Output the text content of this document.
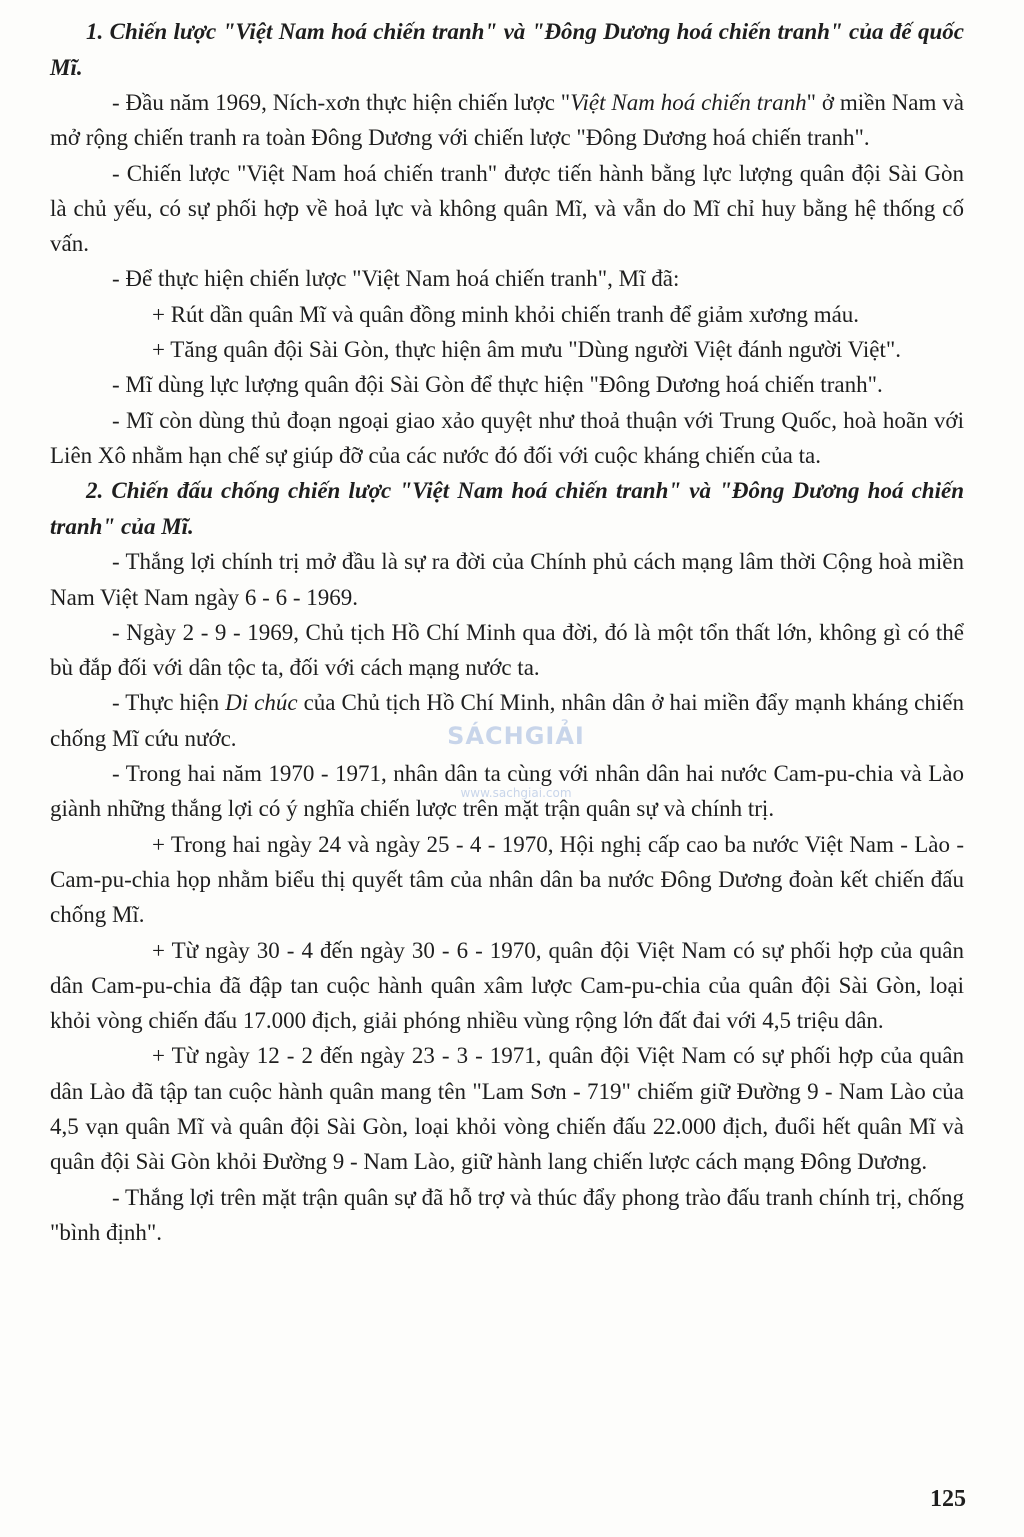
1. Chiến lược "Việt Nam hoá chiến tranh" và "Đông Dương hoá chiến tranh" của đế quốc Mĩ.

- Đầu năm 1969, Ních-xơn thực hiện chiến lược "Việt Nam hoá chiến tranh" ở miền Nam và mở rộng chiến tranh ra toàn Đông Dương với chiến lược "Đông Dương hoá chiến tranh".

- Chiến lược "Việt Nam hoá chiến tranh" được tiến hành bằng lực lượng quân đội Sài Gòn là chủ yếu, có sự phối hợp về hoả lực và không quân Mĩ, và vẫn do Mĩ chỉ huy bằng hệ thống cố vấn.

- Để thực hiện chiến lược "Việt Nam hoá chiến tranh", Mĩ đã:

+ Rút dần quân Mĩ và quân đồng minh khỏi chiến tranh để giảm xương máu.

+ Tăng quân đội Sài Gòn, thực hiện âm mưu "Dùng người Việt đánh người Việt".

- Mĩ dùng lực lượng quân đội Sài Gòn để thực hiện "Đông Dương hoá chiến tranh".

- Mĩ còn dùng thủ đoạn ngoại giao xảo quyệt như thoả thuận với Trung Quốc, hoà hoãn với Liên Xô nhằm hạn chế sự giúp đỡ của các nước đó đối với cuộc kháng chiến của ta.

2. Chiến đấu chống chiến lược "Việt Nam hoá chiến tranh" và "Đông Dương hoá chiến tranh" của Mĩ.

- Thắng lợi chính trị mở đầu là sự ra đời của Chính phủ cách mạng lâm thời Cộng hoà miền Nam Việt Nam ngày 6 - 6 - 1969.

- Ngày 2 - 9 - 1969, Chủ tịch Hồ Chí Minh qua đời, đó là một tổn thất lớn, không gì có thể bù đắp đối với dân tộc ta, đối với cách mạng nước ta.

- Thực hiện Di chúc của Chủ tịch Hồ Chí Minh, nhân dân ở hai miền đẩy mạnh kháng chiến chống Mĩ cứu nước.

- Trong hai năm 1970 - 1971, nhân dân ta cùng với nhân dân hai nước Cam-pu-chia và Lào giành những thắng lợi có ý nghĩa chiến lược trên mặt trận quân sự và chính trị.

+ Trong hai ngày 24 và ngày 25 - 4 - 1970, Hội nghị cấp cao ba nước Việt Nam - Lào - Cam-pu-chia họp nhằm biểu thị quyết tâm của nhân dân ba nước Đông Dương đoàn kết chiến đấu chống Mĩ.

+ Từ ngày 30 - 4 đến ngày 30 - 6 - 1970, quân đội Việt Nam có sự phối hợp của quân dân Cam-pu-chia đã đập tan cuộc hành quân xâm lược Cam-pu-chia của quân đội Sài Gòn, loại khỏi vòng chiến đấu 17.000 địch, giải phóng nhiều vùng rộng lớn đất đai với 4,5 triệu dân.

+ Từ ngày 12 - 2 đến ngày 23 - 3 - 1971, quân đội Việt Nam có sự phối hợp của quân dân Lào đã tập tan cuộc hành quân mang tên "Lam Sơn - 719" chiếm giữ Đường 9 - Nam Lào của 4,5 vạn quân Mĩ và quân đội Sài Gòn, loại khỏi vòng chiến đấu 22.000 địch, đuổi hết quân Mĩ và quân đội Sài Gòn khỏi Đường 9 - Nam Lào, giữ hành lang chiến lược cách mạng Đông Dương.

- Thắng lợi trên mặt trận quân sự đã hỗ trợ và thúc đẩy phong trào đấu tranh chính trị, chống "bình định".

SÁCHGIẢI
www.sachgiai.com
125
